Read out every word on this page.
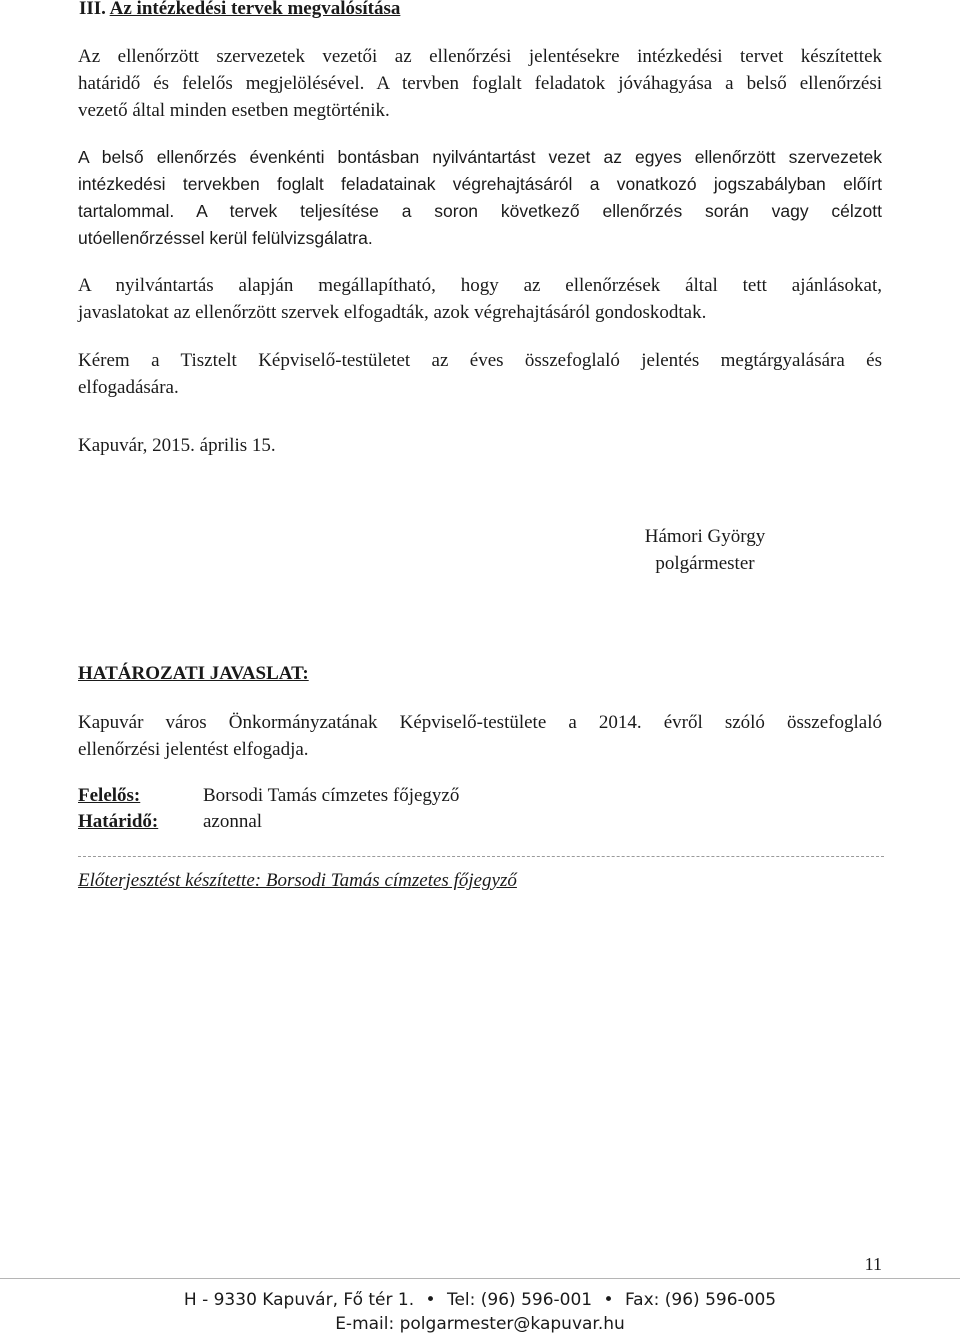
III. Az intézkedési tervek megvalósítása
Az ellenőrzött szervezetek vezetői az ellenőrzési jelentésekre intézkedési tervet készítettek
határidő és felelős megjelölésével. A tervben foglalt feladatok jóváhagyása a belső ellenőrzési
vezető által minden esetben megtörténik.
A belső ellenőrzés évenkénti bontásban nyilvántartást vezet az egyes ellenőrzött szervezetek
intézkedési tervekben foglalt feladatainak végrehajtásáról a vonatkozó jogszabályban előírt
tartalommal. A tervek teljesítése a soron következő ellenőrzés során vagy célzott
utóellenőrzéssel kerül felülvizsgálatra.
A nyilvántartás alapján megállapítható, hogy az ellenőrzések által tett ajánlásokat,
javaslatokat az ellenőrzött szervek elfogadták, azok végrehajtásáról gondoskodtak.
Kérem a Tisztelt Képviselő-testületet az éves összefoglaló jelentés megtárgyalására és
elfogadására.
Kapuvár, 2015. április 15.
Hámori György
polgármester
HATÁROZATI JAVASLAT:
Kapuvár város Önkormányzatának Képviselő-testülete a 2014. évről szóló összefoglaló
ellenőrzési jelentést elfogadja.
Felelős:	Borsodi Tamás címzetes főjegyző
Határidő: azonnal
Előterjesztést készítette: Borsodi Tamás címzetes főjegyző
11
H - 9330 Kapuvár, Fő tér 1. • Tel: (96) 596-001 • Fax: (96) 596-005
E-mail: polgarmester@kapuvar.hu
